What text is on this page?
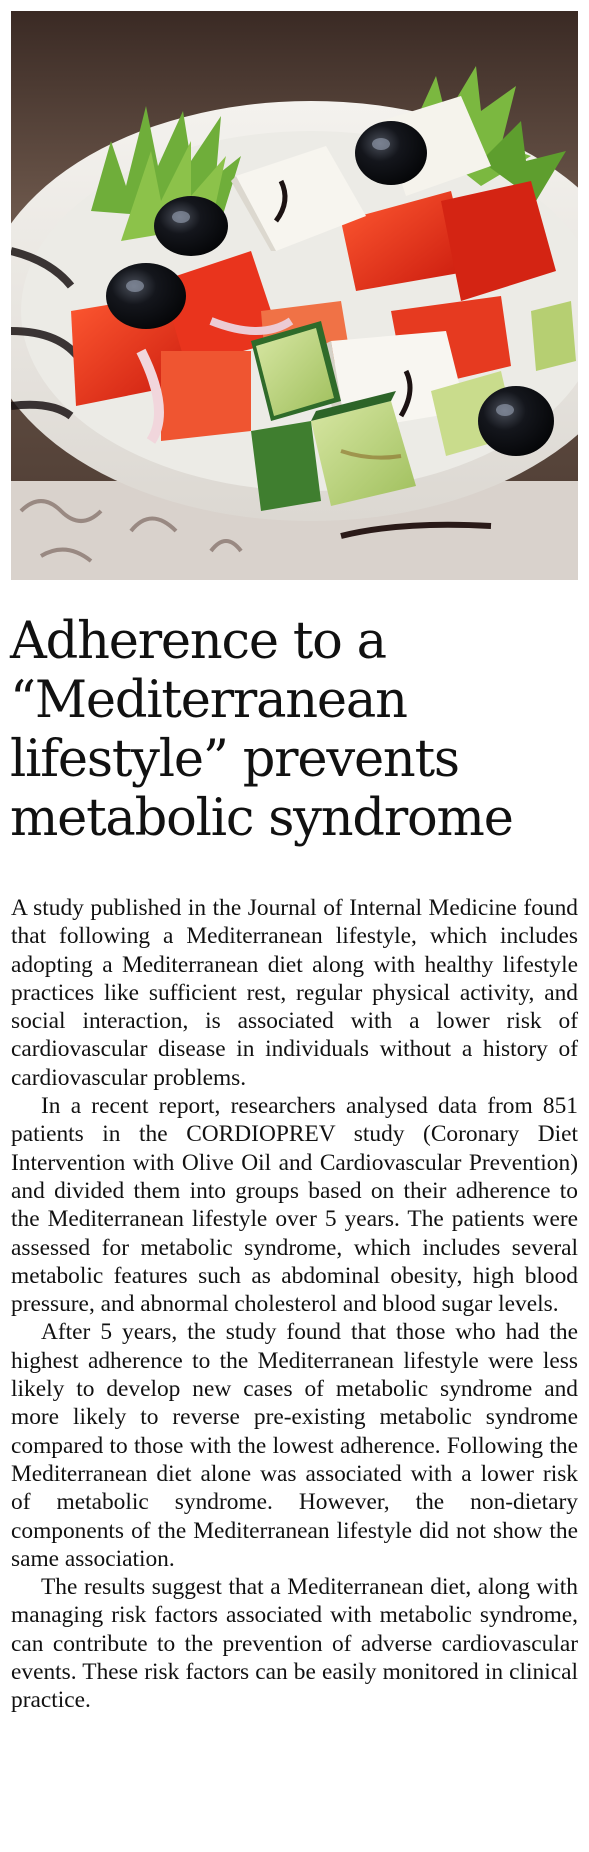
Adherence to a
“Mediterranean
lifestyle” prevents
metabolic syndrome

A study published in the Journal of Internal Medicine found that following a Mediterranean lifestyle, which includes adopting a Mediterranean diet along with healthy lifestyle practices like sufficient rest, regular physical activity, and social interaction, is associated with a lower risk of cardiovascular disease in individuals without a history of cardiovascular problems.

In a recent report, researchers analysed data from 851 patients in the CORDIOPREV study (Coronary Diet Intervention with Olive Oil and Cardiovascular Prevention) and divided them into groups based on their adherence to the Mediterranean lifestyle over 5 years. The patients were assessed for metabolic syndrome, which includes several metabolic features such as abdominal obesity, high blood pressure, and abnormal cholesterol and blood sugar levels.

After 5 years, the study found that those who had the highest adherence to the Mediterranean lifestyle were less likely to develop new cases of metabolic syndrome and more likely to reverse pre-existing metabolic syndrome compared to those with the lowest adherence. Following the Mediterranean diet alone was associated with a lower risk of metabolic syndrome. However, the non-dietary components of the Mediterranean lifestyle did not show the same association.

The results suggest that a Mediterranean diet, along with managing risk factors associated with metabolic syndrome, can contribute to the prevention of adverse cardiovascular events. These risk factors can be easily monitored in clinical practice.
